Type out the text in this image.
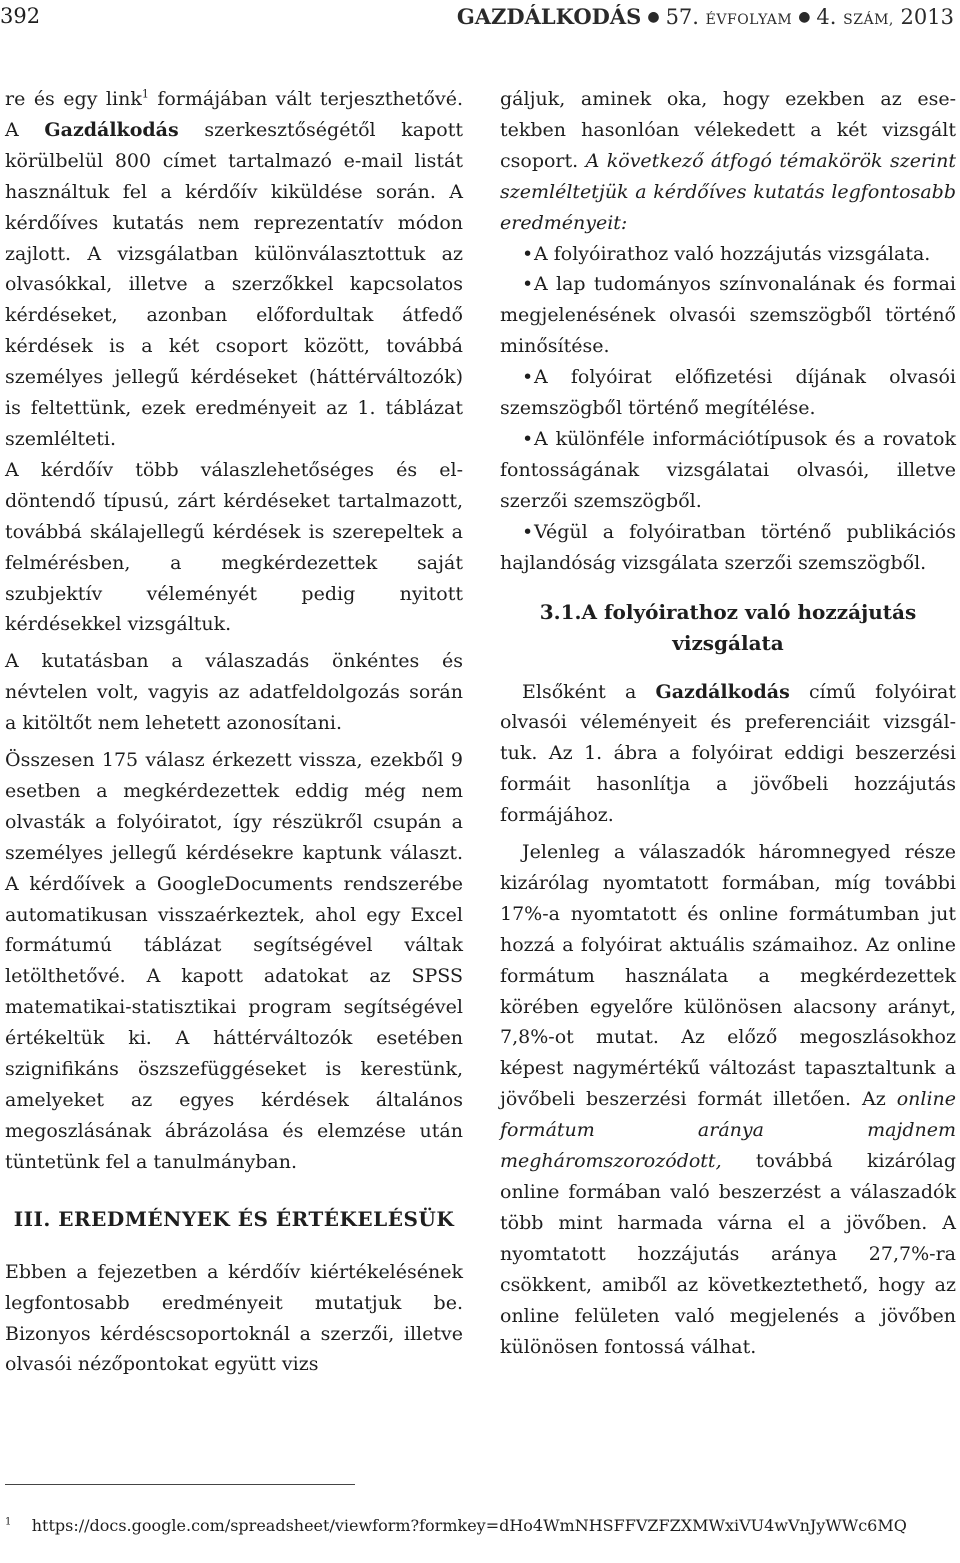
392	GAZDÁLKODÁS ● 57. ÉVFOLYAM ● 4. SZÁM, 2013

re és egy link$^1$ formájában vált terjeszthetővé. A Gazdálkodás szerkesztőségétől kapott körülbelül 800 címet tartalmazó e-mail listát használtuk fel a kérdőív kiküldése során. A kérdőíves kutatás nem reprezentatív módon zajlott. A vizsgálatban különválasztottuk az olvasókkal, illetve a szerzőkkel kapcsolatos kérdéseket, azonban előfordultak átfedő kérdések is a két csoport között, továbbá személyes jellegű kérdéseket (háttérváltozók) is feltettünk, ezek eredményeit az 1. táblázat szemlélteti.

A kérdőív több válaszlehetőséges és eldöntendő típusú, zárt kérdéseket tartalmazott, továbbá skálajellegű kérdések is szerepeltek a felmérésben, a megkérdezettek saját szubjektív véleményét pedig nyitott kérdésekkel vizsgáltuk.

A kutatásban a válaszadás önkéntes és névtelen volt, vagyis az adatfeldolgozás során a kitöltőt nem lehetett azonosítani.

Összesen 175 válasz érkezett vissza, ezekből 9 esetben a megkérdezettek eddig még nem olvasták a folyóiratot, így részükről csupán a személyes jellegű kérdésekre kaptunk választ. A kérdőívek a GoogleDocuments rendszerébe automatikusan visszaérkeztek, ahol egy Excel formátumú táblázat segítségével váltak letölthetővé. A kapott adatokat az SPSS matematikai-statisztikai program segítségével értékeltük ki. A háttérváltozók esetében szignifikáns öszszefüggéseket is kerestünk, amelyeket az egyes kérdések általános megoszlásának ábrázolása és elemzése után tüntetünk fel a tanulmányban.

III. EREDMÉNYEK ÉS ÉRTÉKELÉSÜK

Ebben a fejezetben a kérdőív kiértékelésének legfontosabb eredményeit mutatjuk be. Bizonyos kérdéscsoportoknál a szerzői, illetve olvasói nézőpontokat együtt vizs

gáljuk, aminek oka, hogy ezekben az esetekben hasonlóan vélekedett a két vizsgált csoport. A következő átfogó témakörök szerint szemléltetjük a kérdőíves kutatás legfontosabb eredményeit:

• A folyóirathoz való hozzájutás vizsgálata.
• A lap tudományos színvonalának és formai megjelenésének olvasói szemszögből történő minősítése.
• A folyóirat előfizetési díjának olvasói szemszögből történő megítélése.
• A különféle információtípusok és a rovatok fontosságának vizsgálatai olvasói, illetve szerzői szemszögből.
• Végül a folyóiratban történő publikációs hajlandóság vizsgálata szerzői szemszögből.
3.1.A folyóirathoz való hozzájutás vizsgálata

Elsőként a Gazdálkodás című folyóirat olvasói véleményeit és preferenciáit vizsgáltuk. Az 1. ábra a folyóirat eddigi beszerzési formáit hasonlítja a jövőbeli hozzájutás formájához.

Jelenleg a válaszadók háromnegyed része kizárólag nyomtatott formában, míg további 17%-a nyomtatott és online formátumban jut hozzá a folyóirat aktuális számaihoz. Az online formátum használata a megkérdezettek körében egyelőre különösen alacsony arányt, 7,8%-ot mutat. Az előző megoszlásokhoz képest nagymértékű változást tapasztaltunk a jövőbeli beszerzési formát illetően. Az online formátum aránya majdnem megháromszorozódott, továbbá kizárólag online formában való beszerzést a válaszadók több mint harmada várna el a jövőben. A nyomtatott hozzájutás aránya 27,7%-ra csökkent, amiből az következtethető, hogy az online felületen való megjelenés a jövőben különösen fontossá válhat.

$^1$ https://docs.google.com/spreadsheet/viewform?formkey=dHo4WmNHSFFVZFZXMWxiVU4wVnJyWWc6MQ
